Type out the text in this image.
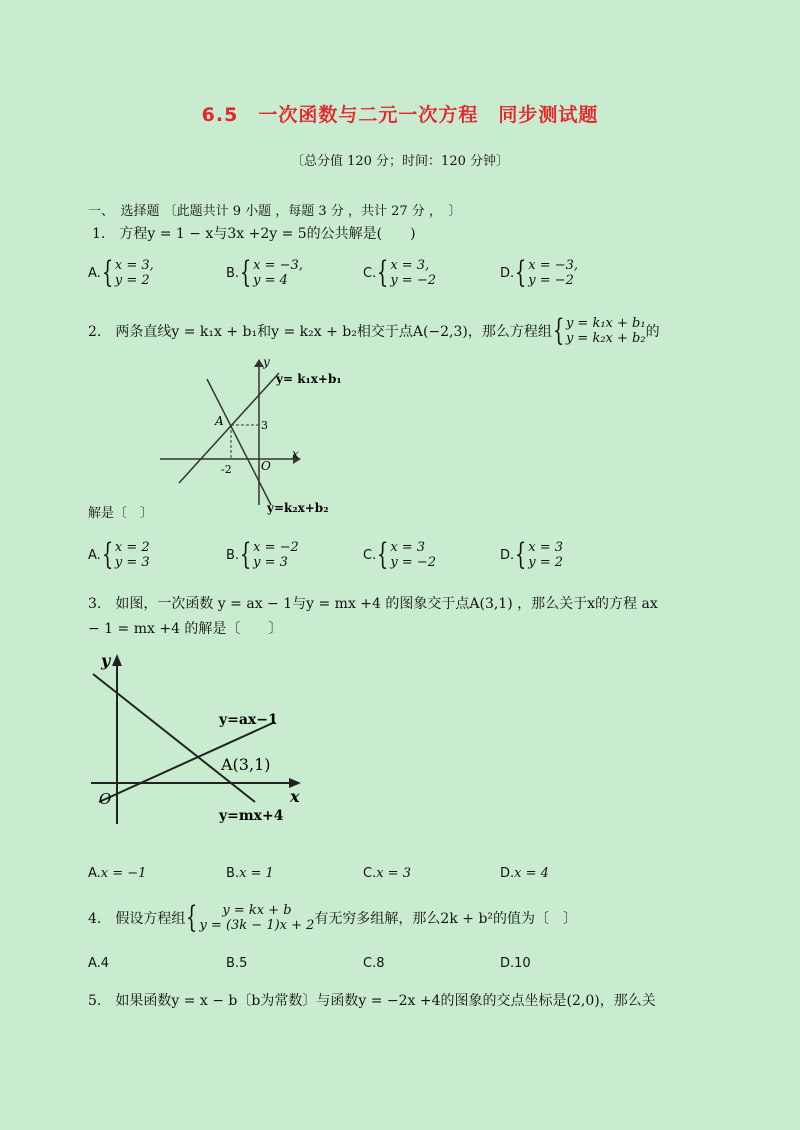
6.5　一次函数与二元一次方程　同步测试题
〔总分值 120 分；时间：120 分钟〕
一、　选择题 〔此题共计 9 小题 ，每题 3 分 ，共计 27 分 ，　〕
1.　方程y = 1 − x与3x +2y = 5的公共解是(　　)
A. { x = 3,
y = 2	B. { x = −3,
y = 4	C. { x = 3,
y = −2	D. { x = −3,
y = −2
2.　两条直线y = k₁x + b₁和y = k₂x + b₂相交于点A(−2,3)，那么方程组 { y = k₁x + b₁
y = k₂x + b₂ 的
y
x
O
A
-2
3
y= k₁x+b₁
y=k₂x+b₂
解是〔　〕
A. { x = 2
y = 3	B. { x = −2
y = 3	C. { x = 3
y = −2	D. { x = 3
y = 2
3.　如图，一次函数 y = ax − 1与y = mx +4 的图象交于点A(3,1) ，那么关于x的方程 ax
− 1 = mx +4 的解是〔　　〕
y
x
O
y=ax−1
y=mx+4
A(3,1)
A. x = −1	B. x = 1	C. x = 3	D. x = 4
4.　假设方程组 {	y = kx + b
y = (3k − 1)x + 2 有无穷多组解，那么2k + b²的值为〔　〕
A. 4	B. 5	C. 8	D. 10
5.　如果函数y = x − b〔b为常数〕与函数y = −2x +4的图象的交点坐标是(2,0)，那么关
